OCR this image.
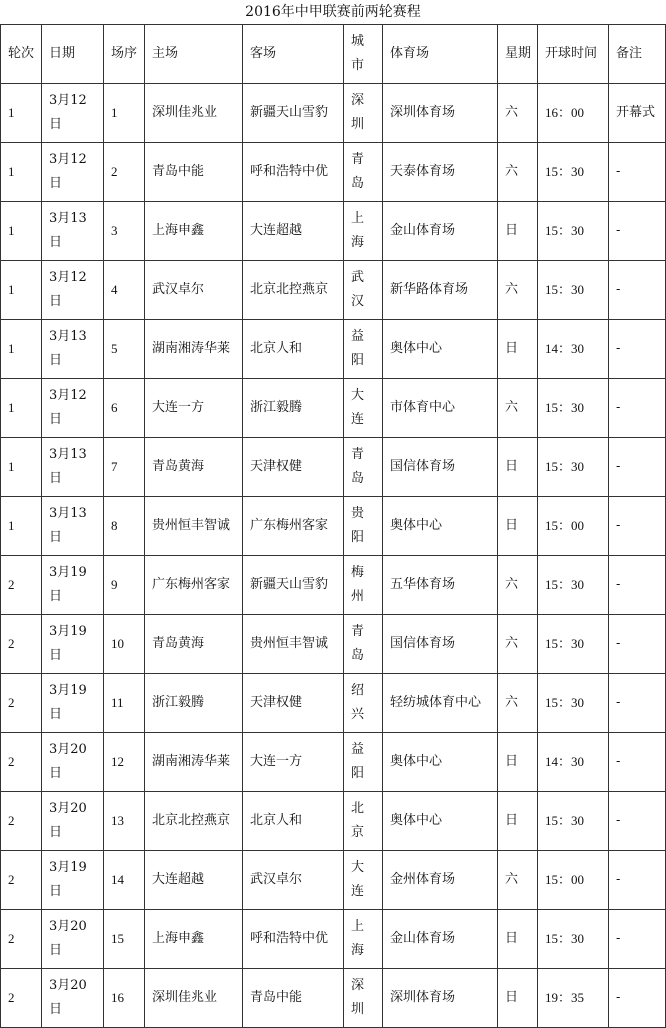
2016年中甲联赛前两轮赛程
轮次	日期	场序	主场	客场	城市	体育场	星期	开球时间	备注
1	3月12日	1	深圳佳兆业	新疆天山雪豹	深圳	深圳体育场	六	16：00	开幕式
1	3月12日	2	青岛中能	呼和浩特中优	青岛	天泰体育场	六	15：30	-
1	3月13日	3	上海申鑫	大连超越	上海	金山体育场	日	15：30	-
1	3月12日	4	武汉卓尔	北京北控燕京	武汉	新华路体育场	六	15：30	-
1	3月13日	5	湖南湘涛华莱	北京人和	益阳	奥体中心	日	14：30	-
1	3月12日	6	大连一方	浙江毅腾	大连	市体育中心	六	15：30	-
1	3月13日	7	青岛黄海	天津权健	青岛	国信体育场	日	15：30	-
1	3月13日	8	贵州恒丰智诚	广东梅州客家	贵阳	奥体中心	日	15：00	-
2	3月19日	9	广东梅州客家	新疆天山雪豹	梅州	五华体育场	六	15：30	-
2	3月19日	10	青岛黄海	贵州恒丰智诚	青岛	国信体育场	六	15：30	-
2	3月19日	11	浙江毅腾	天津权健	绍兴	轻纺城体育中心	六	15：30	-
2	3月20日	12	湖南湘涛华莱	大连一方	益阳	奥体中心	日	14：30	-
2	3月20日	13	北京北控燕京	北京人和	北京	奥体中心	日	15：30	-
2	3月19日	14	大连超越	武汉卓尔	大连	金州体育场	六	15：00	-
2	3月20日	15	上海申鑫	呼和浩特中优	上海	金山体育场	日	15：30	-
2	3月20日	16	深圳佳兆业	青岛中能	深圳	深圳体育场	日	19：35	-
